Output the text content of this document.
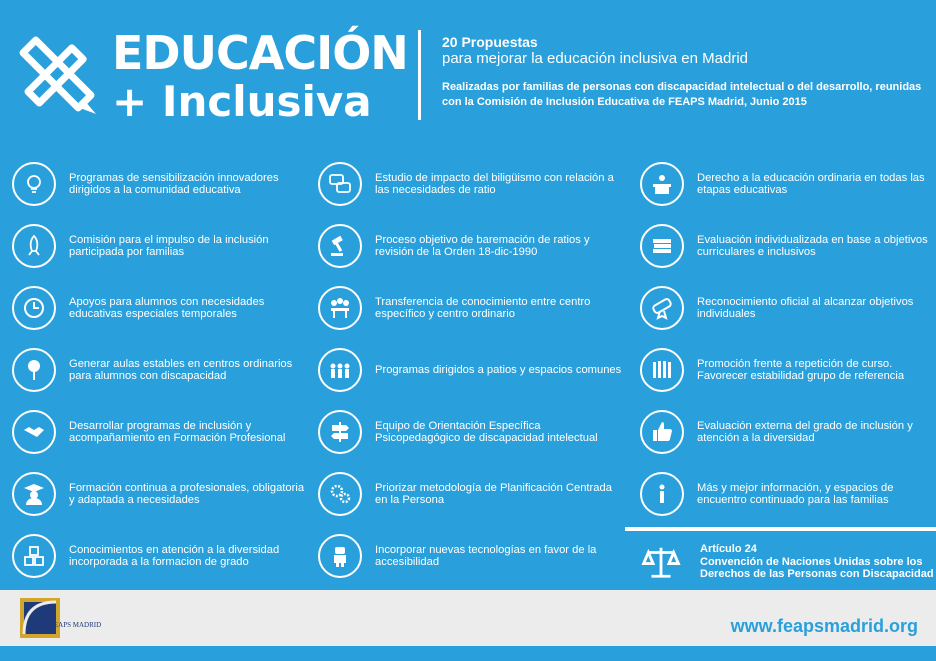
EDUCACIÓN
+ Inclusiva
20 Propuestas
para mejorar la educación inclusiva en Madrid
Realizadas por familias de personas con discapacidad intelectual o del desarrollo, reunidas con la Comisión de Inclusión Educativa de FEAPS Madrid, Junio 2015
Programas de sensibilización innovadores dirigidos a la comunidad educativa
Comisión para el impulso de la inclusión participada por familias
Apoyos para alumnos con necesidades educativas especiales temporales
Generar aulas estables en centros ordinarios para alumnos con discapacidad
Desarrollar programas de inclusión y acompañamiento en Formación Profesional
Formación continua a profesionales, obligatoria y adaptada a necesidades
Conocimientos en atención a la diversidad incorporada a la formacion de grado
Estudio de impacto del biligüismo con relación a las necesidades de ratio
Proceso objetivo de baremación de ratios y revisión de la Orden 18-dic-1990
Transferencia de conocimiento entre centro específico y centro ordinario
Programas dirigidos a patios y espacios comunes
Equipo de Orientación Específica Psicopedagógico de discapacidad intelectual
Priorizar metodología de Planificación Centrada en la Persona
Incorporar nuevas tecnologías en favor de la accesibilidad
Derecho a la educación ordinaria en todas las etapas educativas
Evaluación individualizada en base a objetivos curriculares e inclusivos
Reconocimiento oficial al alcanzar objetivos individuales
Promoción frente a repetición de curso. Favorecer estabilidad grupo de referencia
Evaluación externa del grado de inclusión y atención a la diversidad
Más y mejor información, y espacios de encuentro continuado para las familias
Artículo 24
Convención de Naciones Unidas sobre los
Derechos de las Personas con Discapacidad
www.feapsmadrid.org
FEAPS MADRID
